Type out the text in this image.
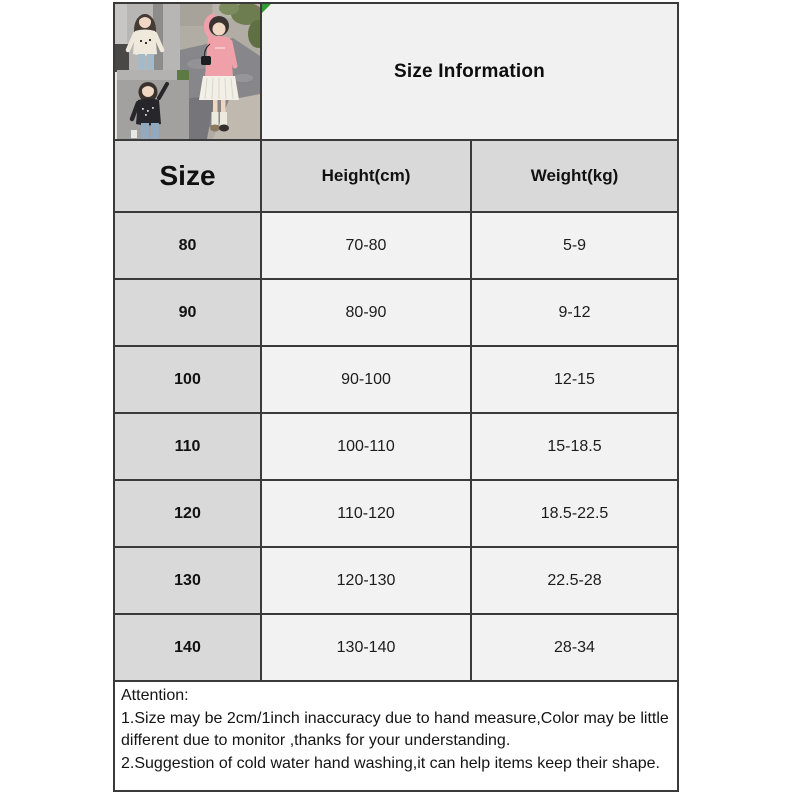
Size Information
Size	Height(cm)	Weight(kg)
80	70-80	5-9
90	80-90	9-12
100	90-100	12-15
110	100-110	15-18.5
120	110-120	18.5-22.5
130	120-130	22.5-28
140	130-140	28-34
Attention:
1.Size may be 2cm/1inch inaccuracy due to hand measure,Color may be little different due to monitor ,thanks for your understanding.
2.Suggestion of cold water hand washing,it can help items keep their shape.
